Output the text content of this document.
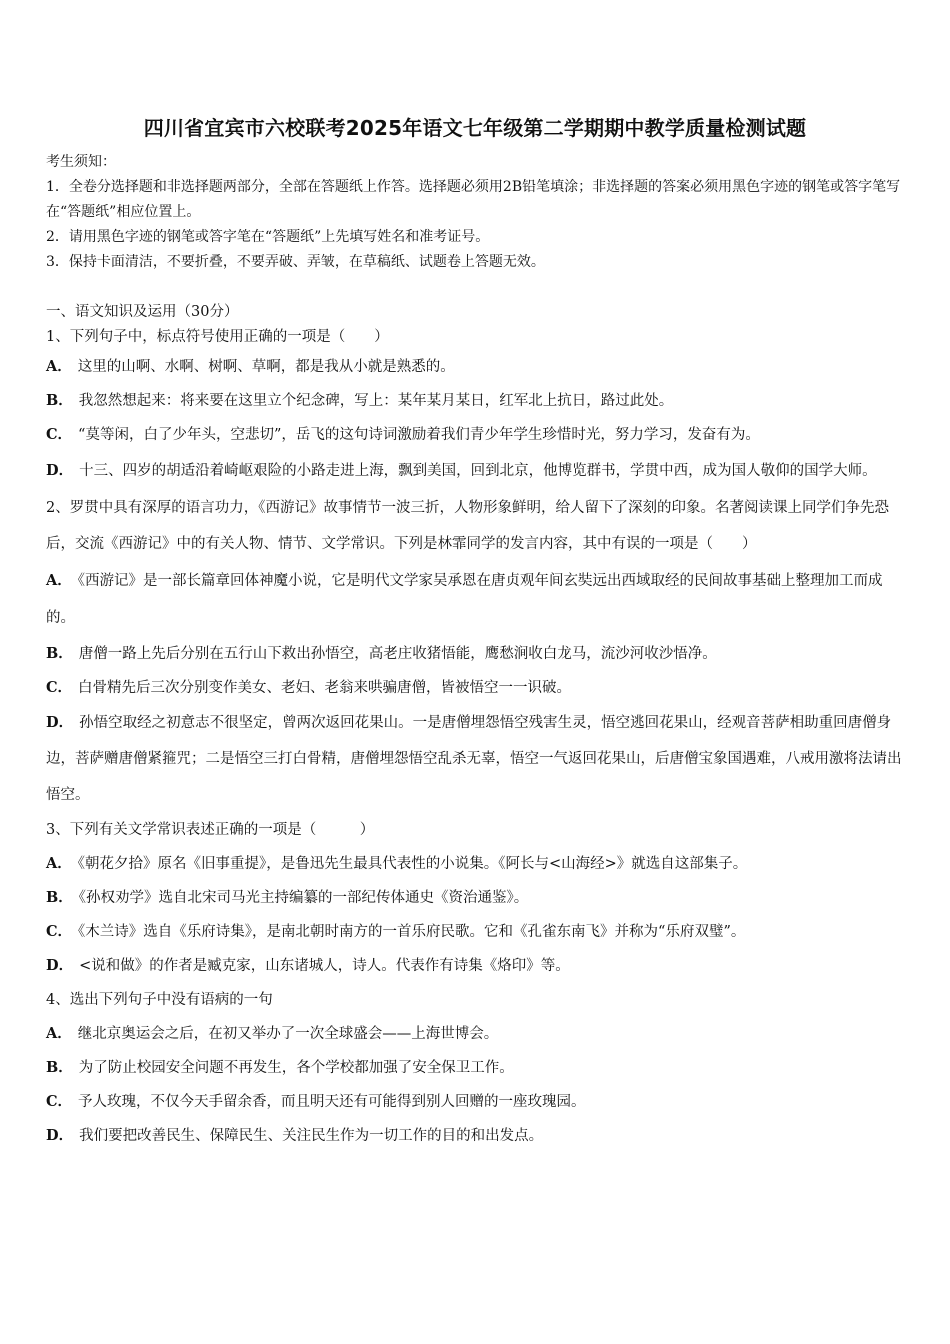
四川省宜宾市六校联考2025年语文七年级第二学期期中教学质量检测试题

考生须知：

1．全卷分选择题和非选择题两部分，全部在答题纸上作答。选择题必须用2B铅笔填涂；非选择题的答案必须用黑色字迹的钢笔或答字笔写在“答题纸”相应位置上。

2．请用黑色字迹的钢笔或答字笔在“答题纸”上先填写姓名和准考证号。

3．保持卡面清洁，不要折叠，不要弄破、弄皱，在草稿纸、试题卷上答题无效。

一、语文知识及运用（30分）

1、下列句子中，标点符号使用正确的一项是（　　）

A． 这里的山啊、水啊、树啊、草啊，都是我从小就是熟悉的。

B． 我忽然想起来：将来要在这里立个纪念碑，写上：某年某月某日，红军北上抗日，路过此处。

C． “莫等闲，白了少年头，空悲切”，岳飞的这句诗词激励着我们青少年学生珍惜时光，努力学习，发奋有为。

D． 十三、四岁的胡适沿着崎岖艰险的小路走进上海，飘到美国，回到北京，他博览群书，学贯中西，成为国人敬仰的国学大师。

2、罗贯中具有深厚的语言功力，《西游记》故事情节一波三折，人物形象鲜明，给人留下了深刻的印象。名著阅读课上同学们争先恐后，交流《西游记》中的有关人物、情节、文学常识。下列是林霏同学的发言内容，其中有误的一项是（　　）

A． 《西游记》是一部长篇章回体神魔小说，它是明代文学家吴承恩在唐贞观年间玄奘远出西域取经的民间故事基础上整理加工而成的。

B． 唐僧一路上先后分别在五行山下救出孙悟空，高老庄收猪悟能，鹰愁涧收白龙马，流沙河收沙悟净。

C． 白骨精先后三次分别变作美女、老妇、老翁来哄骗唐僧，皆被悟空一一识破。

D． 孙悟空取经之初意志不很坚定，曾两次返回花果山。一是唐僧埋怨悟空残害生灵，悟空逃回花果山，经观音菩萨相助重回唐僧身边，菩萨赠唐僧紧箍咒；二是悟空三打白骨精，唐僧埋怨悟空乱杀无辜，悟空一气返回花果山，后唐僧宝象国遇难，八戒用激将法请出悟空。

3、下列有关文学常识表述正确的一项是（　　　）

A． 《朝花夕拾》原名《旧事重提》，是鲁迅先生最具代表性的小说集。《阿长与<山海经>》就选自这部集子。

B． 《孙权劝学》选自北宋司马光主持编纂的一部纪传体通史《资治通鉴》。

C． 《木兰诗》选自《乐府诗集》，是南北朝时南方的一首乐府民歌。它和《孔雀东南飞》并称为“乐府双璧”。

D． <说和做》的作者是臧克家，山东诸城人，诗人。代表作有诗集《烙印》等。

4、选出下列句子中没有语病的一句

A． 继北京奥运会之后，在初又举办了一次全球盛会——上海世博会。

B． 为了防止校园安全问题不再发生，各个学校都加强了安全保卫工作。

C． 予人玫瑰，不仅今天手留余香，而且明天还有可能得到别人回赠的一座玫瑰园。

D． 我们要把改善民生、保障民生、关注民生作为一切工作的目的和出发点。
